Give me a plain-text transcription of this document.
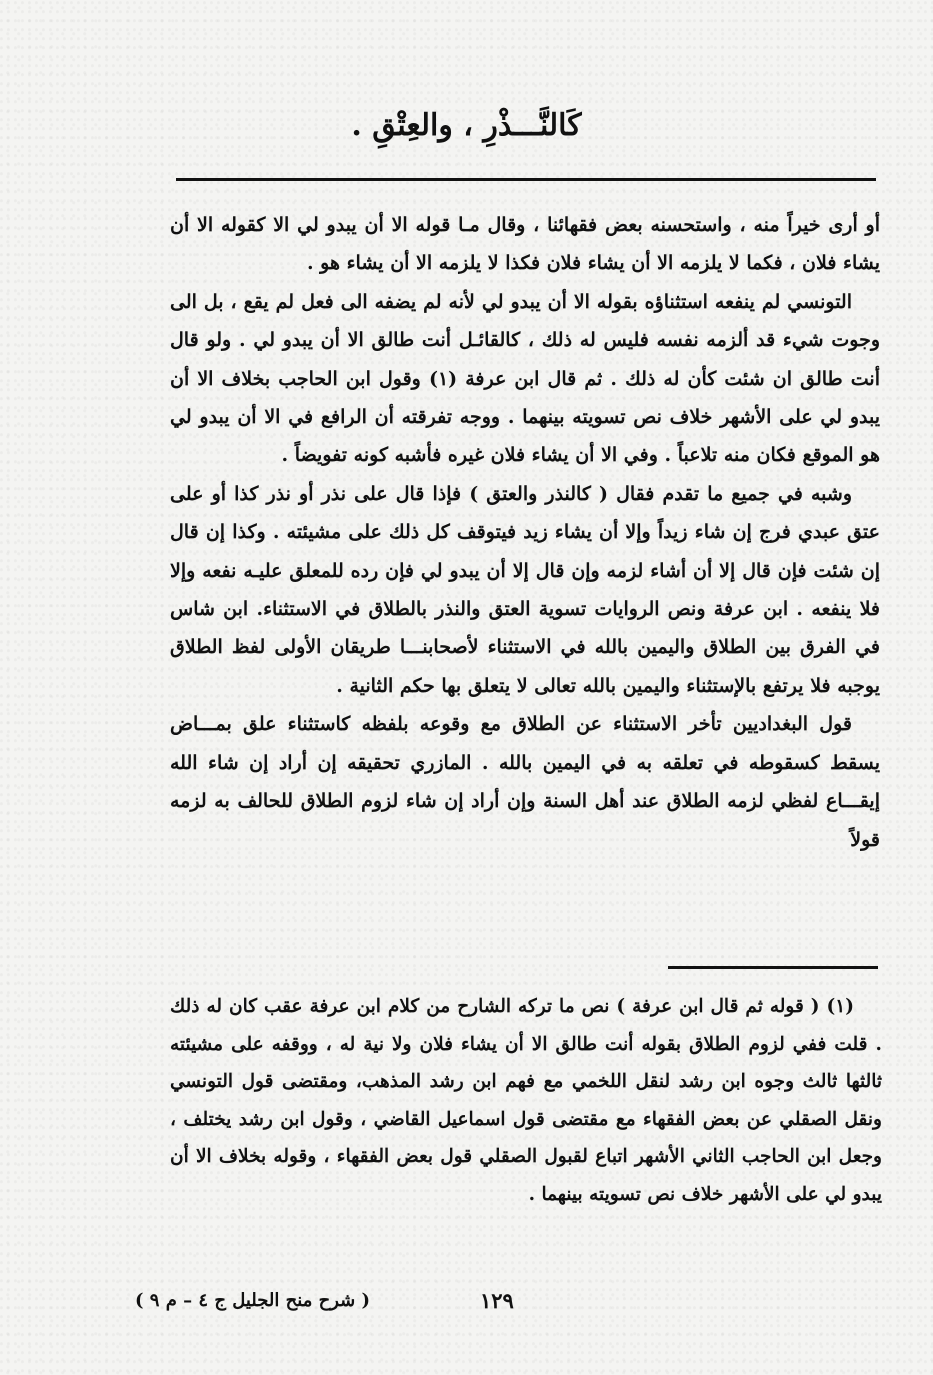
كَالنَّـــذْرِ ، والعِتْقِ .

أو أرى خيراً منه ، واستحسنه بعض فقهائنا ، وقال مـا قوله الا أن يبدو لي الا كقوله الا أن يشاء فلان ، فكما لا يلزمه الا أن يشاء فلان فكذا لا يلزمه الا أن يشاء هو .

التونسي لم ينفعه استثناؤه بقوله الا أن يبدو لي لأنه لم يضفه الى فعل لم يقع ، بل الى وجوت شيء قد ألزمه نفسه فليس له ذلك ، كالقائـل أنت طالق الا أن يبدو لي . ولو قال أنت طالق ان شئت كأن له ذلك . ثم قال ابن عرفة (١) وقول ابن الحاجب بخلاف الا أن يبدو لي على الأشهر خلاف نص تسويته بينهما . ووجه تفرقته أن الرافع في الا أن يبدو لي هو الموقع فكان منه تلاعباً . وفي الا أن يشاء فلان غيره فأشبه كونه تفويضاً .

وشبه في جميع ما تقدم فقال ( كالنذر والعتق ) فإذا قال على نذر أو نذر كذا أو على عتق عبدي فرج إن شاء زيداً وإلا أن يشاء زيد فيتوقف كل ذلك على مشيئته . وكذا إن قال إن شئت فإن قال إلا أن أشاء لزمه وإن قال إلا أن يبدو لي فإن رده للمعلق عليـه نفعه وإلا فلا ينفعه . ابن عرفة ونص الروايات تسوية العتق والنذر بالطلاق في الاستثناء. ابن شاس في الفرق بين الطلاق واليمين بالله في الاستثناء لأصحابنـــا طريقان الأولى لفظ الطلاق يوجبه فلا يرتفع بالإستثناء واليمين بالله تعالى لا يتعلق بها حكم الثانية .

قول البغداديين تأخر الاستثناء عن الطلاق مع وقوعه بلفظه كاستثناء علق بمـــاض يسقط كسقوطه في تعلقه به في اليمين بالله . المازري تحقيقه إن أراد إن شاء الله إيقـــاع لفظي لزمه الطلاق عند أهل السنة وإن أراد إن شاء لزوم الطلاق للحالف به لزمه قولاً

(١) ( قوله ثم قال ابن عرفة ) نص ما تركه الشارح من كلام ابن عرفة عقب كان له ذلك . قلت ففي لزوم الطلاق بقوله أنت طالق الا أن يشاء فلان ولا نية له ، ووقفه على مشيئته ثالثها ثالث وجوه ابن رشد لنقل اللخمي مع فهم ابن رشد المذهب، ومقتضى قول التونسي ونقل الصقلي عن بعض الفقهاء مع مقتضى قول اسماعيل القاضي ، وقول ابن رشد يختلف ، وجعل ابن الحاجب الثاني الأشهر اتباع لقبول الصقلي قول بعض الفقهاء ، وقوله بخلاف الا أن يبدو لي على الأشهر خلاف نص تسويته بينهما .

١٢٩
( شرح منح الجليل ج ٤ – م ٩ )
